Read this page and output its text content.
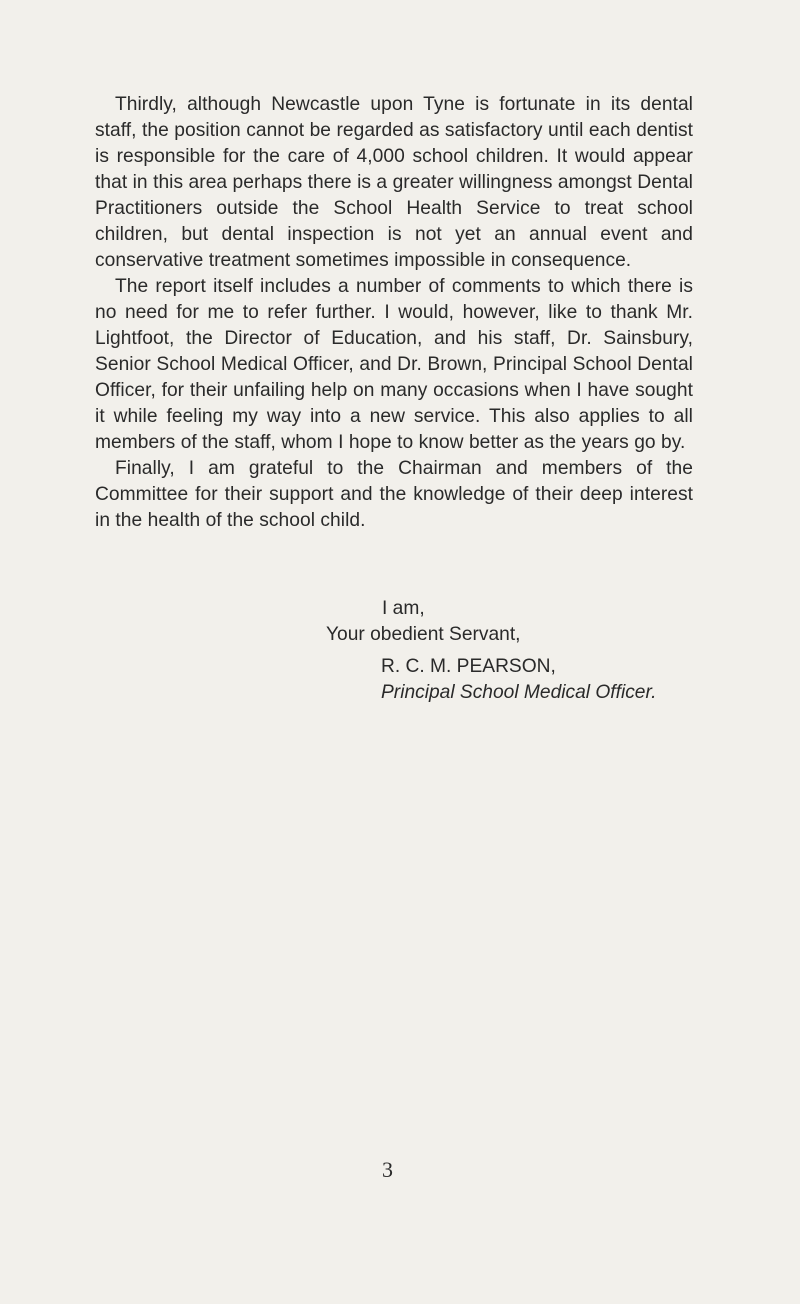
Thirdly, although Newcastle upon Tyne is fortunate in its dental staff, the position cannot be regarded as satisfactory until each dentist is responsible for the care of 4,000 school children. It would appear that in this area perhaps there is a greater willingness amongst Dental Practitioners outside the School Health Service to treat school children, but dental inspection is not yet an annual event and conservative treatment sometimes impossible in consequence.

The report itself includes a number of comments to which there is no need for me to refer further. I would, however, like to thank Mr. Lightfoot, the Director of Education, and his staff, Dr. Sainsbury, Senior School Medical Officer, and Dr. Brown, Principal School Dental Officer, for their unfailing help on many occasions when I have sought it while feeling my way into a new service. This also applies to all members of the staff, whom I hope to know better as the years go by.

Finally, I am grateful to the Chairman and members of the Committee for their support and the knowledge of their deep interest in the health of the school child.

I am,
Your obedient Servant,
R. C. M. PEARSON,
Principal School Medical Officer.
3
